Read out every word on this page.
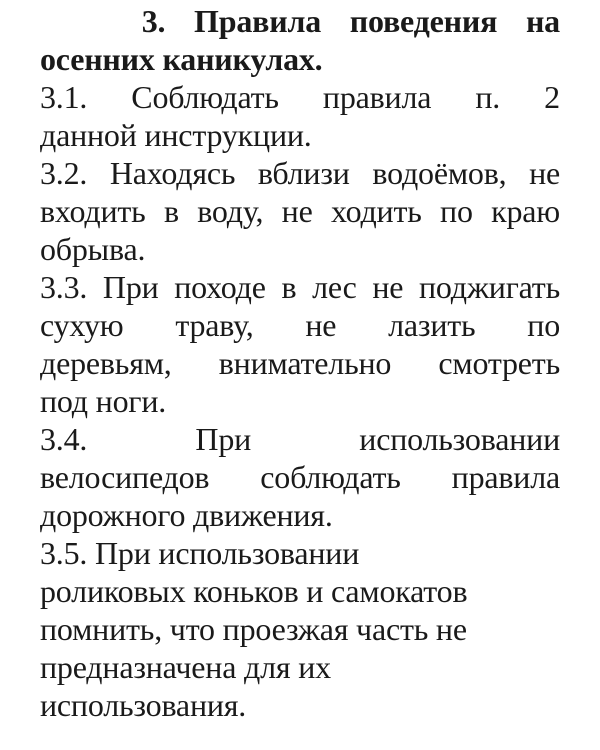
3. Правила поведения на
осенних каникулах.
3.1. Соблюдать правила п. 2
данной инструкции.
3.2. Находясь вблизи водоёмов, не
входить в воду, не ходить по краю
обрыва.
3.3. При походе в лес не поджигать
сухую траву, не лазить по
деревьям, внимательно смотреть
под ноги.
3.4.	При	использовании
велосипедов соблюдать правила
дорожного движения.
3.5. При использовании
роликовых коньков и самокатов
помнить, что проезжая часть не
предназначена для их
использования.
